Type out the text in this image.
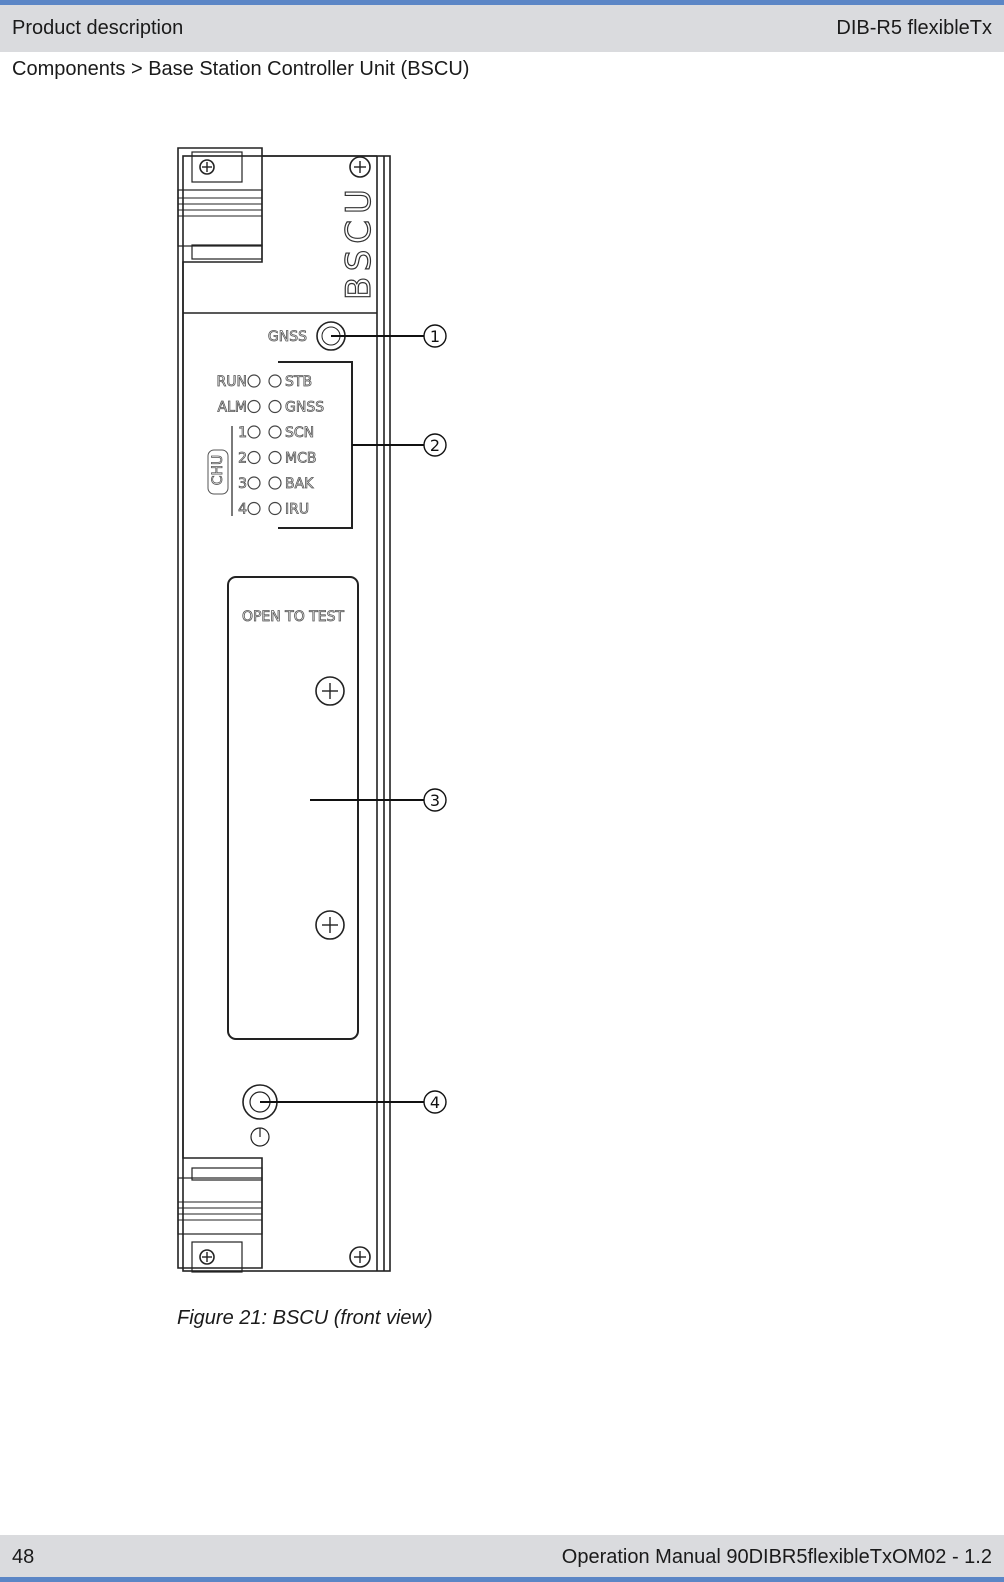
Product description	DIB-R5 flexibleTx
Components > Base Station Controller Unit (BSCU)
BSCU
GNSS
RUN	STB
ALM	GNSS
1	SCN
2	MCB
3	BAK
4	IRU
CHU
OPEN TO TEST
1
2
3
4
Figure 21: BSCU (front view)
48	Operation Manual 90DIBR5flexibleTxOM02 - 1.2
